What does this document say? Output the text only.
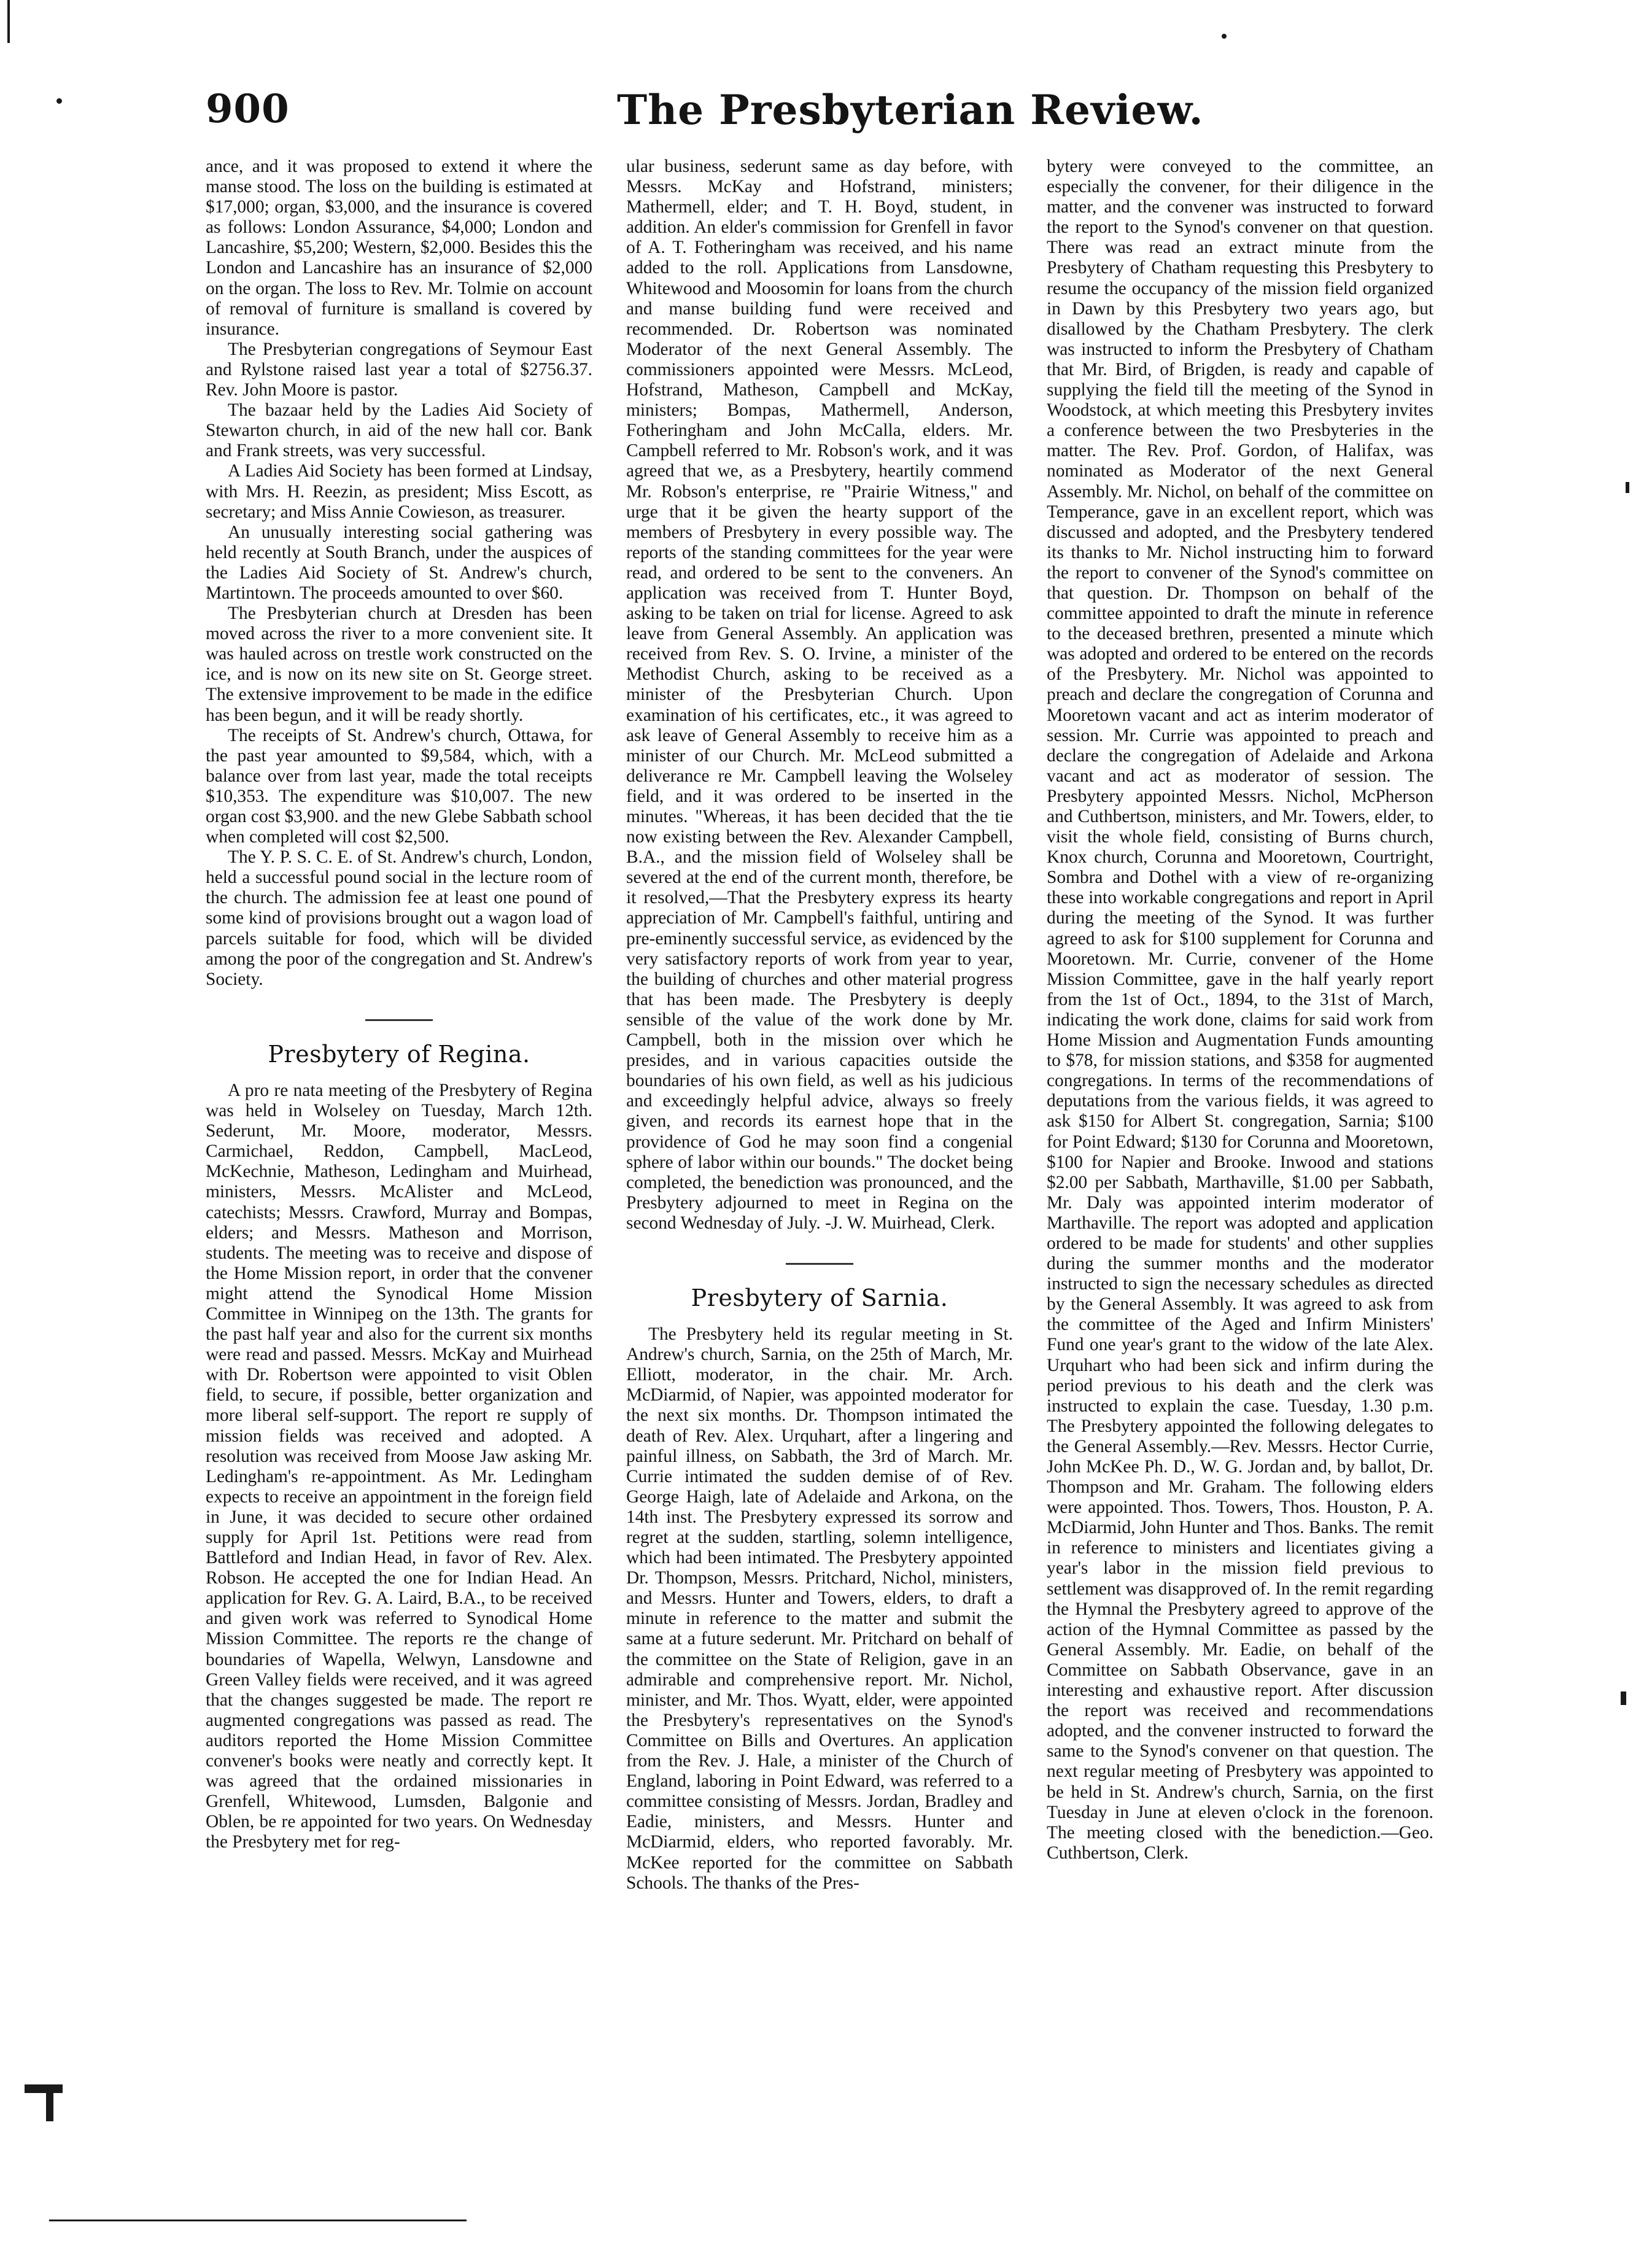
900	The Presbyterian Review.

ance, and it was proposed to extend it where the manse stood. The loss on the building is estimated at $17,000; organ, $3,000, and the insurance is covered as follows: London Assurance, $4,000; London and Lancashire, $5,200; Western, $2,000. Besides this the London and Lancashire has an insurance of $2,000 on the organ. The loss to Rev. Mr. Tolmie on account of removal of furniture is smalland is covered by insurance.

The Presbyterian congregations of Seymour East and Rylstone raised last year a total of $2756.37. Rev. John Moore is pastor.

The bazaar held by the Ladies Aid Society of Stewarton church, in aid of the new hall cor. Bank and Frank streets, was very successful.

A Ladies Aid Society has been formed at Lindsay, with Mrs. H. Reezin, as president; Miss Escott, as secretary; and Miss Annie Cowieson, as treasurer.

An unusually interesting social gathering was held recently at South Branch, under the auspices of the Ladies Aid Society of St. Andrew's church, Martintown. The proceeds amounted to over $60.

The Presbyterian church at Dresden has been moved across the river to a more convenient site. It was hauled across on trestle work constructed on the ice, and is now on its new site on St. George street. The extensive improvement to be made in the edifice has been begun, and it will be ready shortly.

The receipts of St. Andrew's church, Ottawa, for the past year amounted to $9,584, which, with a balance over from last year, made the total receipts $10,353. The expenditure was $10,007. The new organ cost $3,900. and the new Glebe Sabbath school when completed will cost $2,500.

The Y. P. S. C. E. of St. Andrew's church, London, held a successful pound social in the lecture room of the church. The admission fee at least one pound of some kind of provisions brought out a wagon load of parcels suitable for food, which will be divided among the poor of the congregation and St. Andrew's Society.

Presbytery of Regina.

A pro re nata meeting of the Presbytery of Regina was held in Wolseley on Tuesday, March 12th. Sederunt, Mr. Moore, moderator, Messrs. Carmichael, Reddon, Campbell, MacLeod, McKechnie, Matheson, Ledingham and Muirhead, ministers, Messrs. McAlister and McLeod, catechists; Messrs. Crawford, Murray and Bompas, elders; and Messrs. Matheson and Morrison, students. The meeting was to receive and dispose of the Home Mission report, in order that the convener might attend the Synodical Home Mission Committee in Winnipeg on the 13th. The grants for the past half year and also for the current six months were read and passed. Messrs. McKay and Muirhead with Dr. Robertson were appointed to visit Oblen field, to secure, if possible, better organization and more liberal self-support. The report re supply of mission fields was received and adopted. A resolution was received from Moose Jaw asking Mr. Ledingham's re-appointment. As Mr. Ledingham expects to receive an appointment in the foreign field in June, it was decided to secure other ordained supply for April 1st. Petitions were read from Battleford and Indian Head, in favor of Rev. Alex. Robson. He accepted the one for Indian Head. An application for Rev. G. A. Laird, B.A., to be received and given work was referred to Synodical Home Mission Committee. The reports re the change of boundaries of Wapella, Welwyn, Lansdowne and Green Valley fields were received, and it was agreed that the changes suggested be made. The report re augmented congregations was passed as read. The auditors reported the Home Mission Committee convener's books were neatly and correctly kept. It was agreed that the ordained missionaries in Grenfell, Whitewood, Lumsden, Balgonie and Oblen, be re appointed for two years. On Wednesday the Presbytery met for reg-

ular business, sederunt same as day before, with Messrs. McKay and Hofstrand, ministers; Mathermell, elder; and T. H. Boyd, student, in addition. An elder's commission for Grenfell in favor of A. T. Fotheringham was received, and his name added to the roll. Applications from Lansdowne, Whitewood and Moosomin for loans from the church and manse building fund were received and recommended. Dr. Robertson was nominated Moderator of the next General Assembly. The commissioners appointed were Messrs. McLeod, Hofstrand, Matheson, Campbell and McKay, ministers; Bompas, Mathermell, Anderson, Fotheringham and John McCalla, elders. Mr. Campbell referred to Mr. Robson's work, and it was agreed that we, as a Presbytery, heartily commend Mr. Robson's enterprise, re "Prairie Witness," and urge that it be given the hearty support of the members of Presbytery in every possible way. The reports of the standing committees for the year were read, and ordered to be sent to the conveners. An application was received from T. Hunter Boyd, asking to be taken on trial for license. Agreed to ask leave from General Assembly. An application was received from Rev. S. O. Irvine, a minister of the Methodist Church, asking to be received as a minister of the Presbyterian Church. Upon examination of his certificates, etc., it was agreed to ask leave of General Assembly to receive him as a minister of our Church. Mr. McLeod submitted a deliverance re Mr. Campbell leaving the Wolseley field, and it was ordered to be inserted in the minutes. "Whereas, it has been decided that the tie now existing between the Rev. Alexander Campbell, B.A., and the mission field of Wolseley shall be severed at the end of the current month, therefore, be it resolved,—That the Presbytery express its hearty appreciation of Mr. Campbell's faithful, untiring and pre-eminently successful service, as evidenced by the very satisfactory reports of work from year to year, the building of churches and other material progress that has been made. The Presbytery is deeply sensible of the value of the work done by Mr. Campbell, both in the mission over which he presides, and in various capacities outside the boundaries of his own field, as well as his judicious and exceedingly helpful advice, always so freely given, and records its earnest hope that in the providence of God he may soon find a congenial sphere of labor within our bounds." The docket being completed, the benediction was pronounced, and the Presbytery adjourned to meet in Regina on the second Wednesday of July. -J. W. Muirhead, Clerk.

Presbytery of Sarnia.

The Presbytery held its regular meeting in St. Andrew's church, Sarnia, on the 25th of March, Mr. Elliott, moderator, in the chair. Mr. Arch. McDiarmid, of Napier, was appointed moderator for the next six months. Dr. Thompson intimated the death of Rev. Alex. Urquhart, after a lingering and painful illness, on Sabbath, the 3rd of March. Mr. Currie intimated the sudden demise of of Rev. George Haigh, late of Adelaide and Arkona, on the 14th inst. The Presbytery expressed its sorrow and regret at the sudden, startling, solemn intelligence, which had been intimated. The Presbytery appointed Dr. Thompson, Messrs. Pritchard, Nichol, ministers, and Messrs. Hunter and Towers, elders, to draft a minute in reference to the matter and submit the same at a future sederunt. Mr. Pritchard on behalf of the committee on the State of Religion, gave in an admirable and comprehensive report. Mr. Nichol, minister, and Mr. Thos. Wyatt, elder, were appointed the Presbytery's representatives on the Synod's Committee on Bills and Overtures. An application from the Rev. J. Hale, a minister of the Church of England, laboring in Point Edward, was referred to a committee consisting of Messrs. Jordan, Bradley and Eadie, ministers, and Messrs. Hunter and McDiarmid, elders, who reported favorably. Mr. McKee reported for the committee on Sabbath Schools. The thanks of the Pres-

bytery were conveyed to the committee, an especially the convener, for their diligence in the matter, and the convener was instructed to forward the report to the Synod's convener on that question. There was read an extract minute from the Presbytery of Chatham requesting this Presbytery to resume the occupancy of the mission field organized in Dawn by this Presbytery two years ago, but disallowed by the Chatham Presbytery. The clerk was instructed to inform the Presbytery of Chatham that Mr. Bird, of Brigden, is ready and capable of supplying the field till the meeting of the Synod in Woodstock, at which meeting this Presbytery invites a conference between the two Presbyteries in the matter. The Rev. Prof. Gordon, of Halifax, was nominated as Moderator of the next General Assembly. Mr. Nichol, on behalf of the committee on Temperance, gave in an excellent report, which was discussed and adopted, and the Presbytery tendered its thanks to Mr. Nichol instructing him to forward the report to convener of the Synod's committee on that question. Dr. Thompson on behalf of the committee appointed to draft the minute in reference to the deceased brethren, presented a minute which was adopted and ordered to be entered on the records of the Presbytery. Mr. Nichol was appointed to preach and declare the congregation of Corunna and Mooretown vacant and act as interim moderator of session. Mr. Currie was appointed to preach and declare the congregation of Adelaide and Arkona vacant and act as moderator of session. The Presbytery appointed Messrs. Nichol, McPherson and Cuthbertson, ministers, and Mr. Towers, elder, to visit the whole field, consisting of Burns church, Knox church, Corunna and Mooretown, Courtright, Sombra and Dothel with a view of re-organizing these into workable congregations and report in April during the meeting of the Synod. It was further agreed to ask for $100 supplement for Corunna and Mooretown. Mr. Currie, convener of the Home Mission Committee, gave in the half yearly report from the 1st of Oct., 1894, to the 31st of March, indicating the work done, claims for said work from Home Mission and Augmentation Funds amounting to $78, for mission stations, and $358 for augmented congregations. In terms of the recommendations of deputations from the various fields, it was agreed to ask $150 for Albert St. congregation, Sarnia; $100 for Point Edward; $130 for Corunna and Mooretown, $100 for Napier and Brooke. Inwood and stations $2.00 per Sabbath, Marthaville, $1.00 per Sabbath, Mr. Daly was appointed interim moderator of Marthaville. The report was adopted and application ordered to be made for students' and other supplies during the summer months and the moderator instructed to sign the necessary schedules as directed by the General Assembly. It was agreed to ask from the committee of the Aged and Infirm Ministers' Fund one year's grant to the widow of the late Alex. Urquhart who had been sick and infirm during the period previous to his death and the clerk was instructed to explain the case. Tuesday, 1.30 p.m. The Presbytery appointed the following delegates to the General Assembly.—Rev. Messrs. Hector Currie, John McKee Ph. D., W. G. Jordan and, by ballot, Dr. Thompson and Mr. Graham. The following elders were appointed. Thos. Towers, Thos. Houston, P. A. McDiarmid, John Hunter and Thos. Banks. The remit in reference to ministers and licentiates giving a year's labor in the mission field previous to settlement was disapproved of. In the remit regarding the Hymnal the Presbytery agreed to approve of the action of the Hymnal Committee as passed by the General Assembly. Mr. Eadie, on behalf of the Committee on Sabbath Observance, gave in an interesting and exhaustive report. After discussion the report was received and recommendations adopted, and the convener instructed to forward the same to the Synod's convener on that question. The next regular meeting of Presbytery was appointed to be held in St. Andrew's church, Sarnia, on the first Tuesday in June at eleven o'clock in the forenoon. The meeting closed with the benediction.—Geo. Cuthbertson, Clerk.
